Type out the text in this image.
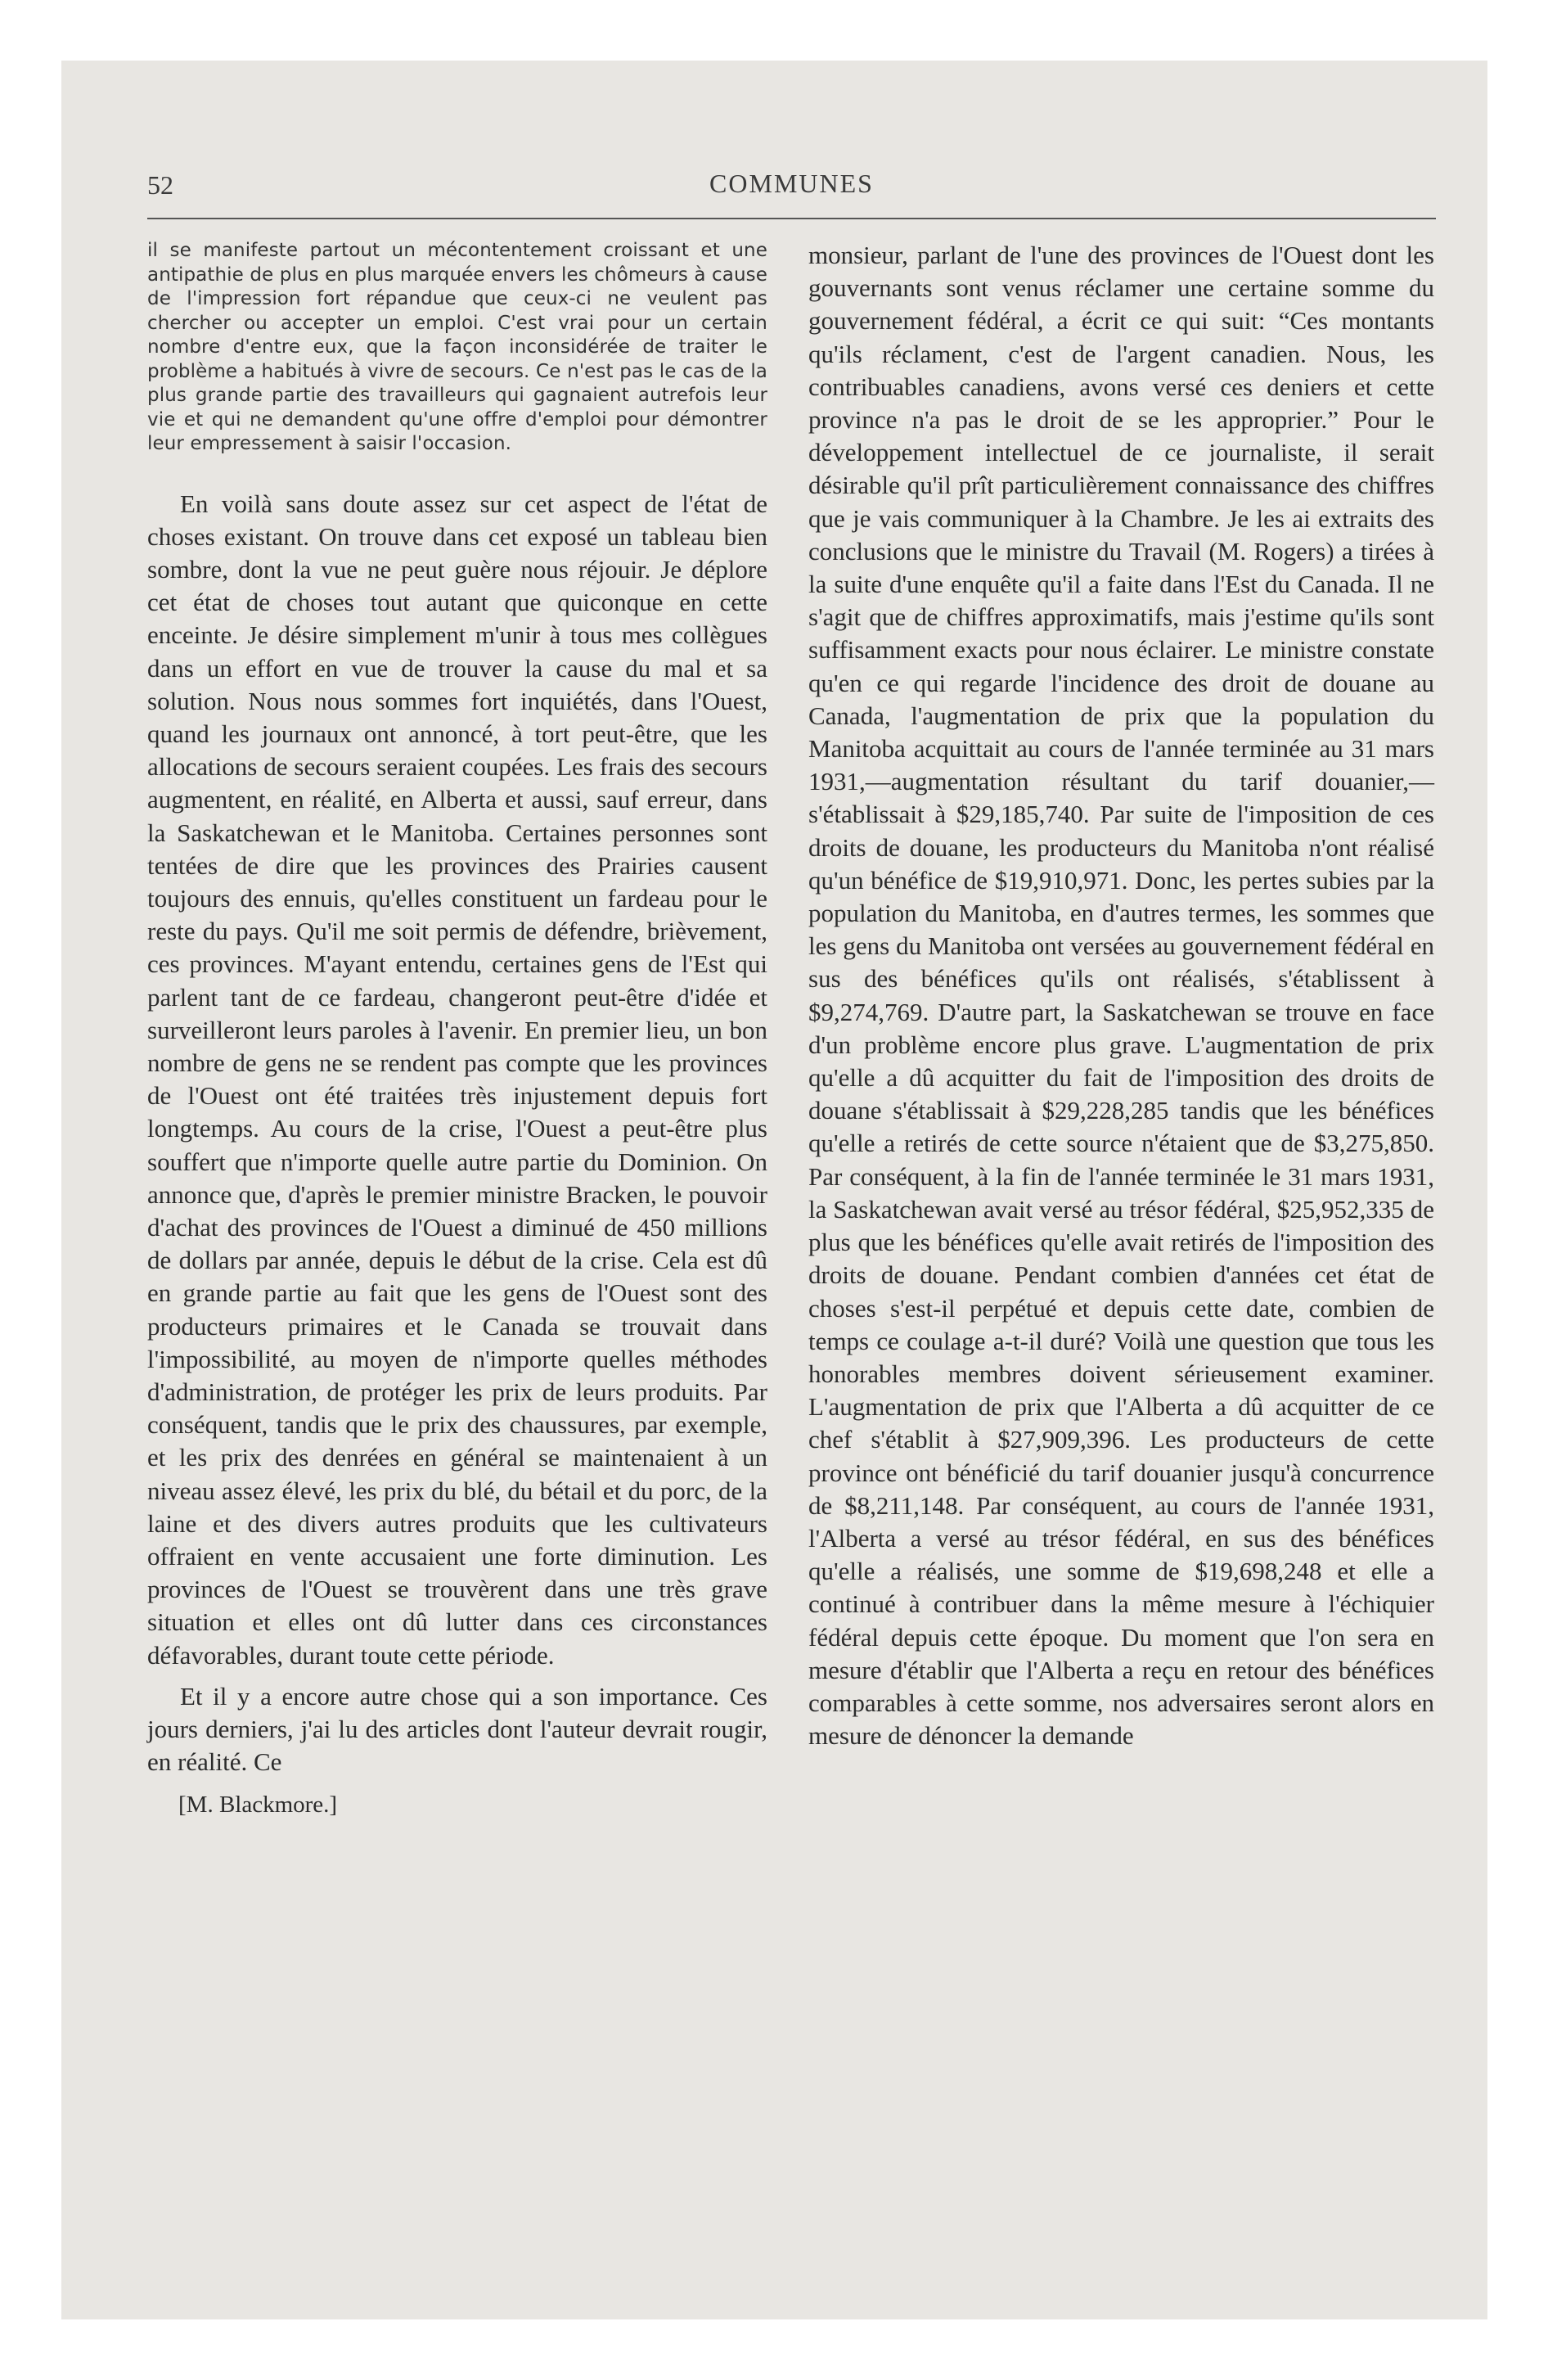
52	COMMUNES

il se manifeste partout un mécontentement croissant et une antipathie de plus en plus marquée envers les chômeurs à cause de l'impression fort répandue que ceux-ci ne veulent pas chercher ou accepter un emploi. C'est vrai pour un certain nombre d'entre eux, que la façon inconsidérée de traiter le problème a habitués à vivre de secours. Ce n'est pas le cas de la plus grande partie des travailleurs qui gagnaient autrefois leur vie et qui ne demandent qu'une offre d'emploi pour démontrer leur empressement à saisir l'occasion.

En voilà sans doute assez sur cet aspect de l'état de choses existant. On trouve dans cet exposé un tableau bien sombre, dont la vue ne peut guère nous réjouir. Je déplore cet état de choses tout autant que quiconque en cette enceinte. Je désire simplement m'unir à tous mes collègues dans un effort en vue de trouver la cause du mal et sa solution. Nous nous sommes fort inquiétés, dans l'Ouest, quand les journaux ont annoncé, à tort peut-être, que les allocations de secours seraient coupées. Les frais des secours augmentent, en réalité, en Alberta et aussi, sauf erreur, dans la Saskatchewan et le Manitoba. Certaines personnes sont tentées de dire que les provinces des Prairies causent toujours des ennuis, qu'elles constituent un fardeau pour le reste du pays. Qu'il me soit permis de défendre, brièvement, ces provinces. M'ayant entendu, certaines gens de l'Est qui parlent tant de ce fardeau, changeront peut-être d'idée et surveilleront leurs paroles à l'avenir. En premier lieu, un bon nombre de gens ne se rendent pas compte que les provinces de l'Ouest ont été traitées très injustement depuis fort longtemps. Au cours de la crise, l'Ouest a peut-être plus souffert que n'importe quelle autre partie du Dominion. On annonce que, d'après le premier ministre Bracken, le pouvoir d'achat des provinces de l'Ouest a diminué de 450 millions de dollars par année, depuis le début de la crise. Cela est dû en grande partie au fait que les gens de l'Ouest sont des producteurs primaires et le Canada se trouvait dans l'impossibilité, au moyen de n'importe quelles méthodes d'administration, de protéger les prix de leurs produits. Par conséquent, tandis que le prix des chaussures, par exemple, et les prix des denrées en général se maintenaient à un niveau assez élevé, les prix du blé, du bétail et du porc, de la laine et des divers autres produits que les cultivateurs offraient en vente accusaient une forte diminution. Les provinces de l'Ouest se trouvèrent dans une très grave situation et elles ont dû lutter dans ces circonstances défavorables, durant toute cette période.

Et il y a encore autre chose qui a son importance. Ces jours derniers, j'ai lu des articles dont l'auteur devrait rougir, en réalité. Ce

[M. Blackmore.]

monsieur, parlant de l'une des provinces de l'Ouest dont les gouvernants sont venus réclamer une certaine somme du gouvernement fédéral, a écrit ce qui suit: “Ces montants qu'ils réclament, c'est de l'argent canadien. Nous, les contribuables canadiens, avons versé ces deniers et cette province n'a pas le droit de se les approprier.” Pour le développement intellectuel de ce journaliste, il serait désirable qu'il prît particulièrement connaissance des chiffres que je vais communiquer à la Chambre. Je les ai extraits des conclusions que le ministre du Travail (M. Rogers) a tirées à la suite d'une enquête qu'il a faite dans l'Est du Canada. Il ne s'agit que de chiffres approximatifs, mais j'estime qu'ils sont suffisamment exacts pour nous éclairer. Le ministre constate qu'en ce qui regarde l'incidence des droit de douane au Canada, l'augmentation de prix que la population du Manitoba acquittait au cours de l'année terminée au 31 mars 1931,—augmentation résultant du tarif douanier,—s'établissait à $29,185,740. Par suite de l'imposition de ces droits de douane, les producteurs du Manitoba n'ont réalisé qu'un bénéfice de $19,910,971. Donc, les pertes subies par la population du Manitoba, en d'autres termes, les sommes que les gens du Manitoba ont versées au gouvernement fédéral en sus des bénéfices qu'ils ont réalisés, s'établissent à $9,274,769. D'autre part, la Saskatchewan se trouve en face d'un problème encore plus grave. L'augmentation de prix qu'elle a dû acquitter du fait de l'imposition des droits de douane s'établissait à $29,228,285 tandis que les bénéfices qu'elle a retirés de cette source n'étaient que de $3,275,850. Par conséquent, à la fin de l'année terminée le 31 mars 1931, la Saskatchewan avait versé au trésor fédéral, $25,952,335 de plus que les bénéfices qu'elle avait retirés de l'imposition des droits de douane. Pendant combien d'années cet état de choses s'est-il perpétué et depuis cette date, combien de temps ce coulage a-t-il duré? Voilà une question que tous les honorables membres doivent sérieusement examiner. L'augmentation de prix que l'Alberta a dû acquitter de ce chef s'établit à $27,909,396. Les producteurs de cette province ont bénéficié du tarif douanier jusqu'à concurrence de $8,211,148. Par conséquent, au cours de l'année 1931, l'Alberta a versé au trésor fédéral, en sus des bénéfices qu'elle a réalisés, une somme de $19,698,248 et elle a continué à contribuer dans la même mesure à l'échiquier fédéral depuis cette époque. Du moment que l'on sera en mesure d'établir que l'Alberta a reçu en retour des bénéfices comparables à cette somme, nos adversaires seront alors en mesure de dénoncer la demande
